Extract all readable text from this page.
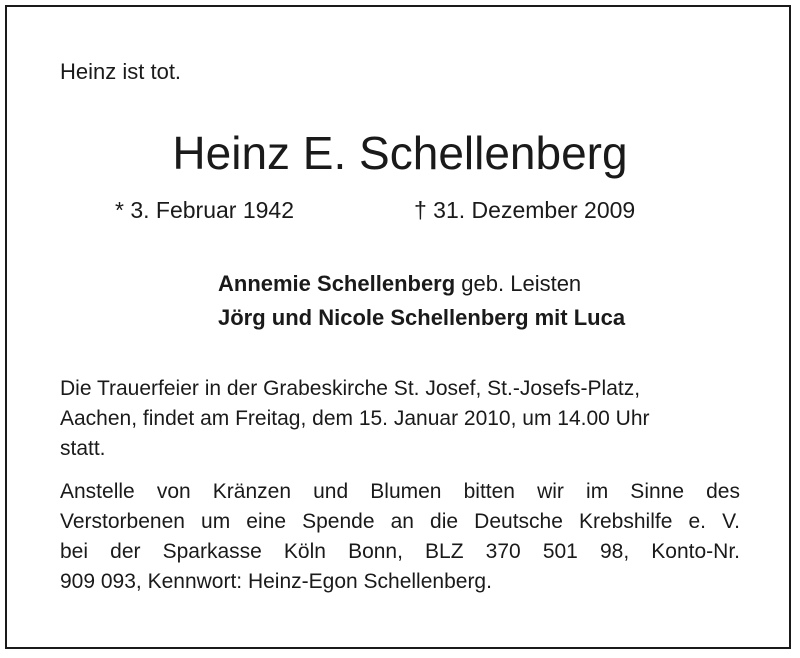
Heinz ist tot.
Heinz E. Schellenberg
* 3. Februar 1942	† 31. Dezember 2009
Annemie Schellenberg geb. Leisten
Jörg und Nicole Schellenberg mit Luca
Die Trauerfeier in der Grabeskirche St. Josef, St.-Josefs-Platz,
Aachen, findet am Freitag, dem 15. Januar 2010, um 14.00 Uhr
statt.
Anstelle von Kränzen und Blumen bitten wir im Sinne des
Verstorbenen um eine Spende an die Deutsche Krebshilfe e. V.
bei der Sparkasse Köln Bonn, BLZ 370 501 98, Konto-Nr.
909 093, Kennwort: Heinz-Egon Schellenberg.
